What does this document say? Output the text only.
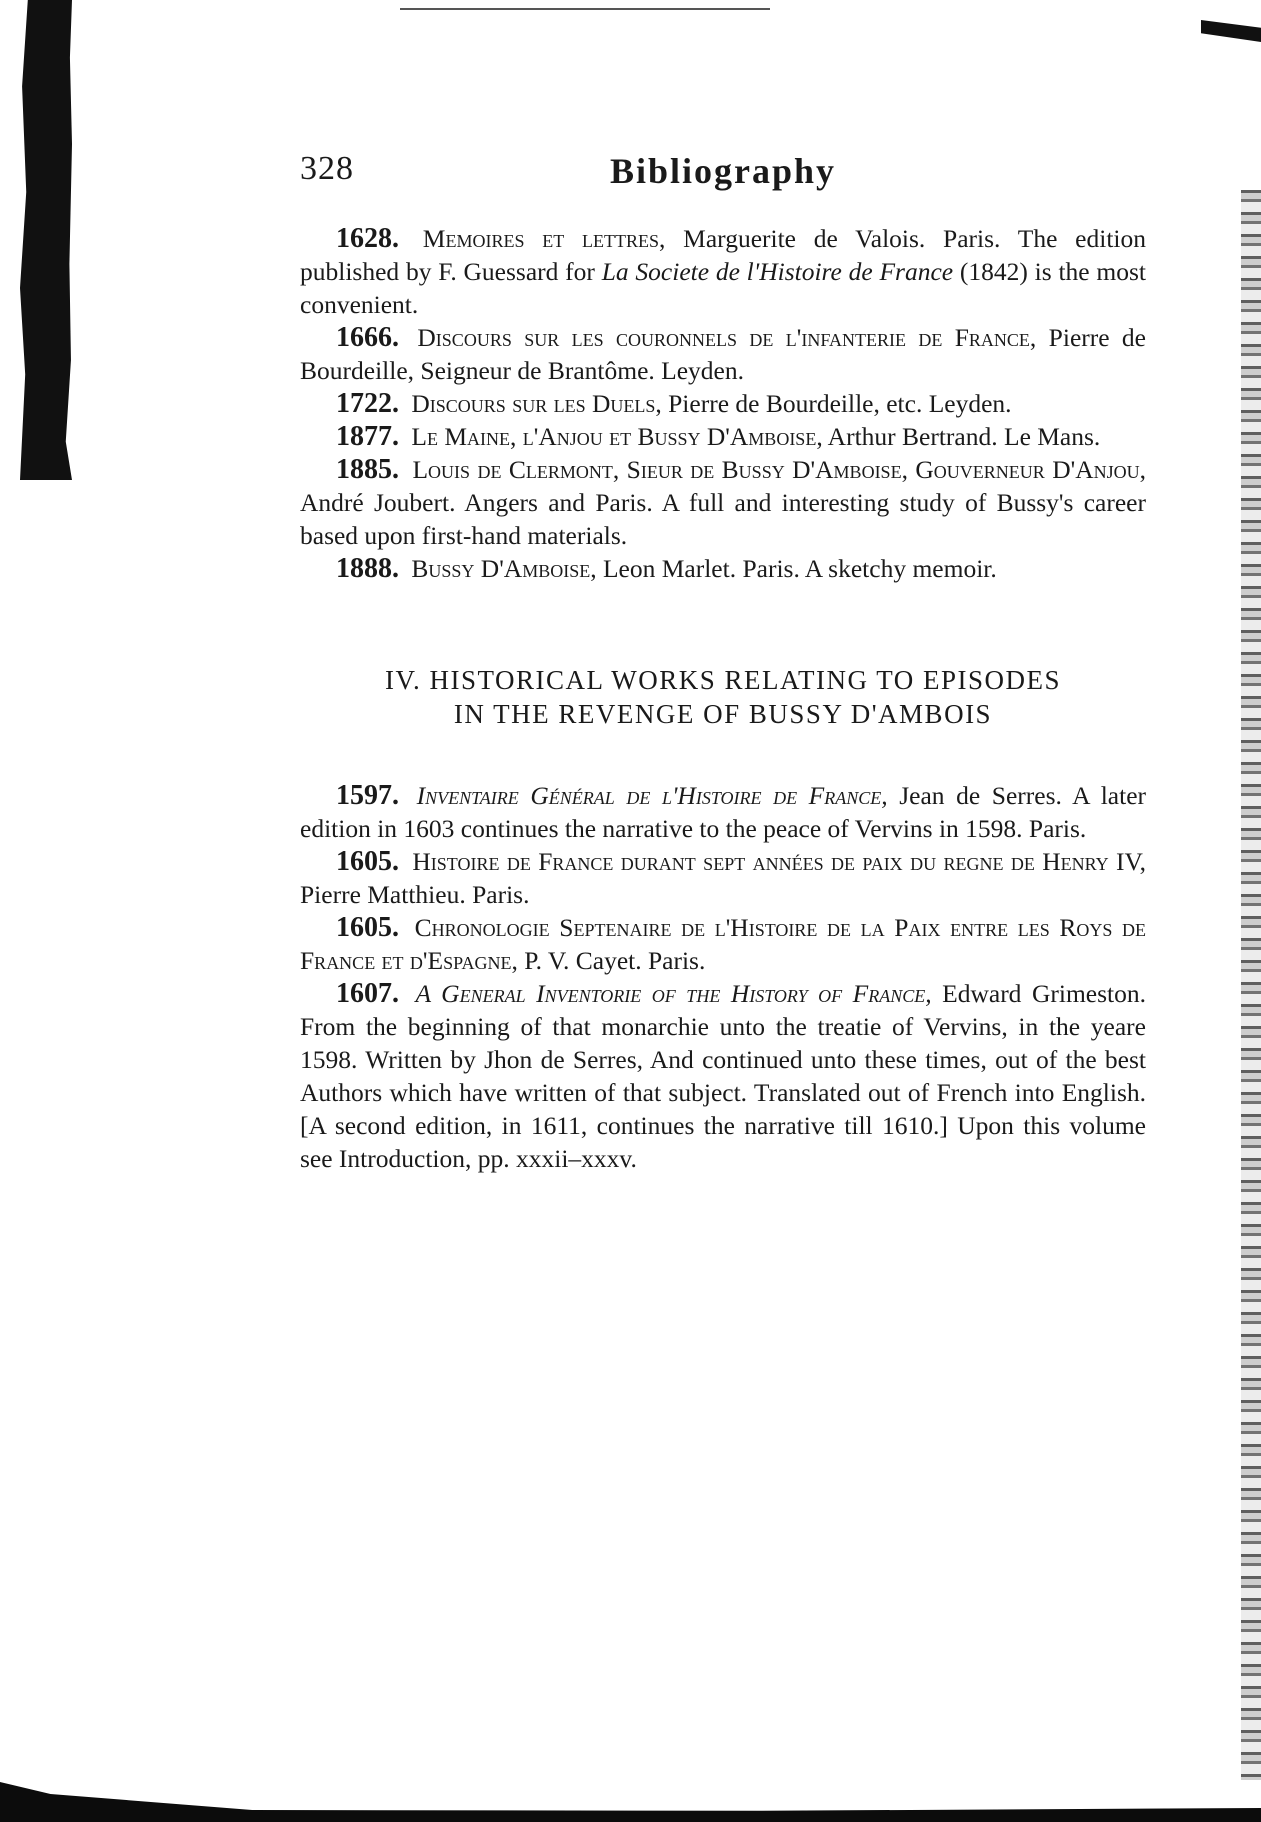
328	Bibliography

1628. Memoires et lettres, Marguerite de Valois. Paris. The edition published by F. Guessard for La Societe de l'Histoire de France (1842) is the most convenient.

1666. Discours sur les couronnels de l'infanterie de France, Pierre de Bourdeille, Seigneur de Brantôme. Leyden.

1722. Discours sur les Duels, Pierre de Bourdeille, etc. Leyden.

1877. Le Maine, l'Anjou et Bussy D'Amboise, Arthur Bertrand. Le Mans.

1885. Louis de Clermont, Sieur de Bussy D'Amboise, Gouverneur D'Anjou, André Joubert. Angers and Paris. A full and interesting study of Bussy's career based upon first-hand materials.

1888. Bussy D'Amboise, Leon Marlet. Paris. A sketchy memoir.

IV. HISTORICAL WORKS RELATING TO EPISODES
IN THE REVENGE OF BUSSY D'AMBOIS

1597. Inventaire Général de l'Histoire de France, Jean de Serres. A later edition in 1603 continues the narrative to the peace of Vervins in 1598. Paris.

1605. Histoire de France durant sept années de paix du regne de Henry IV, Pierre Matthieu. Paris.

1605. Chronologie Septenaire de l'Histoire de la Paix entre les Roys de France et d'Espagne, P. V. Cayet. Paris.

1607. A General Inventorie of the History of France, Edward Grimeston. From the beginning of that monarchie unto the treatie of Vervins, in the yeare 1598. Written by Jhon de Serres, And continued unto these times, out of the best Authors which have written of that subject. Translated out of French into English. [A second edition, in 1611, continues the narrative till 1610.] Upon this volume see Introduction, pp. xxxii–xxxv.
